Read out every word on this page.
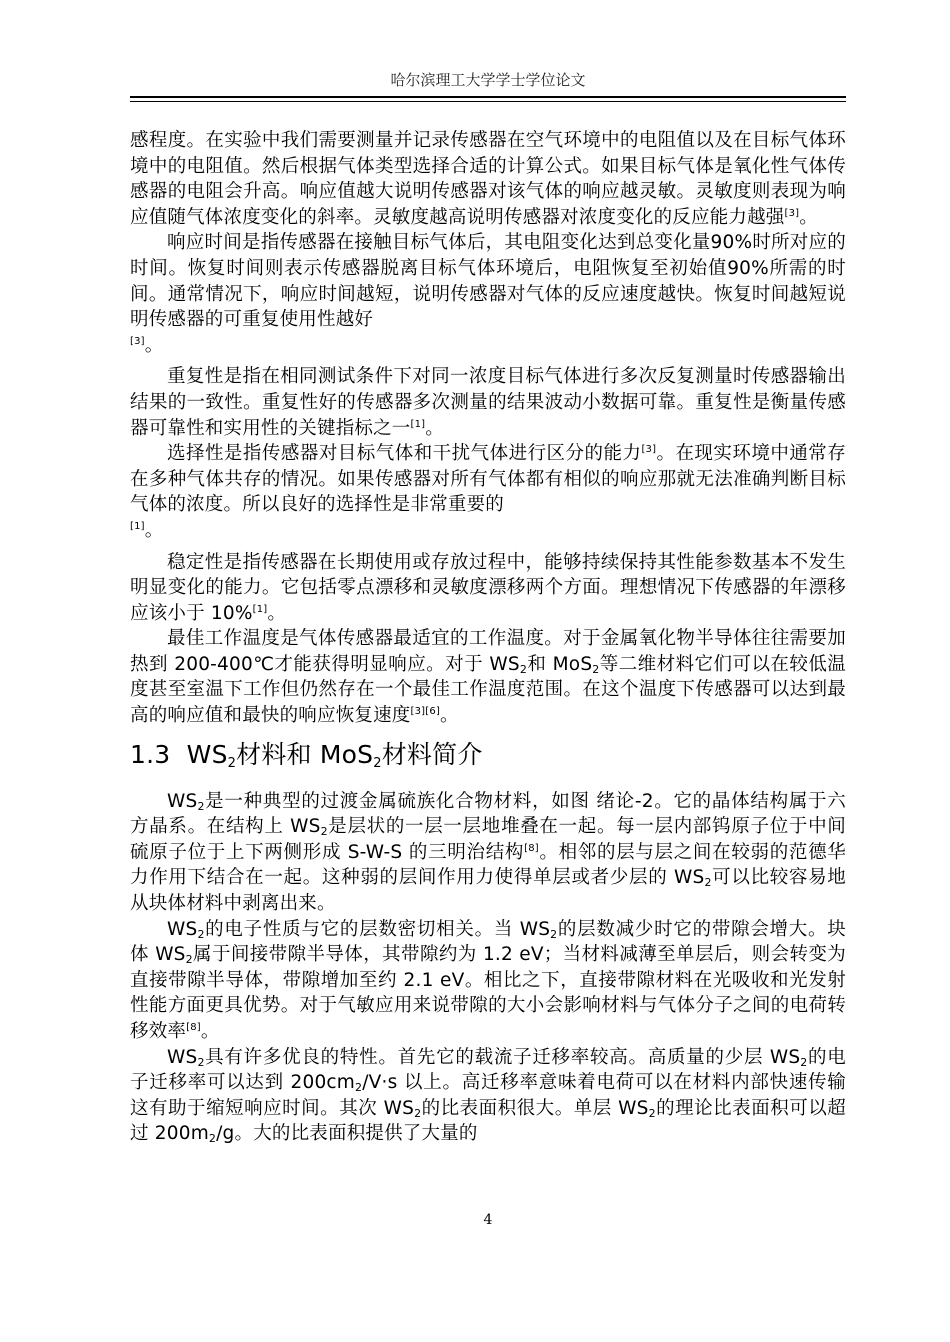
哈尔滨理工大学学士学位论文

感程度。在实验中我们需要测量并记录传感器在空气环境中的电阻值以及在目标气体环境中的电阻值。然后根据气体类型选择合适的计算公式。如果目标气体是氧化性气体传感器的电阻会升高。响应值越大说明传感器对该气体的响应越灵敏。灵敏度则表现为响应值随气体浓度变化的斜率。灵敏度越高说明传感器对浓度变化的反应能力越强[3]。

响应时间是指传感器在接触目标气体后，其电阻变化达到总变化量90%时所对应的时间。恢复时间则表示传感器脱离目标气体环境后，电阻恢复至初始值90%所需的时间。通常情况下，响应时间越短，说明传感器对气体的反应速度越快。恢复时间越短说明传感器的可重复使用性越好
[3]。

重复性是指在相同测试条件下对同一浓度目标气体进行多次反复测量时传感器输出结果的一致性。重复性好的传感器多次测量的结果波动小数据可靠。重复性是衡量传感器可靠性和实用性的关键指标之一[1]。

选择性是指传感器对目标气体和干扰气体进行区分的能力[3]。在现实环境中通常存在多种气体共存的情况。如果传感器对所有气体都有相似的响应那就无法准确判断目标气体的浓度。所以良好的选择性是非常重要的
[1]。

稳定性是指传感器在长期使用或存放过程中，能够持续保持其性能参数基本不发生明显变化的能力。它包括零点漂移和灵敏度漂移两个方面。理想情况下传感器的年漂移应该小于 10%[1]。

最佳工作温度是气体传感器最适宜的工作温度。对于金属氧化物半导体往往需要加热到 200-400℃才能获得明显响应。对于 $WS_2$和 MoS$_2$等二维材料它们可以在较低温度甚至室温下工作但仍然存在一个最佳工作温度范围。在这个温度下传感器可以达到最高的响应值和最快的响应恢复速度[3][6]。

1.3 $WS_2$材料和 MoS$_2$材料简介

$WS_2$是一种典型的过渡金属硫族化合物材料，如图 绪论-2。它的晶体结构属于六方晶系。在结构上 $WS_2$是层状的一层一层地堆叠在一起。每一层内部钨原子位于中间硫原子位于上下两侧形成 S-W-S 的三明治结构[8]。相邻的层与层之间在较弱的范德华力作用下结合在一起。这种弱的层间作用力使得单层或者少层的 $WS_2$可以比较容易地从块体材料中剥离出来。

$WS_2$的电子性质与它的层数密切相关。当 $WS_2$的层数减少时它的带隙会增大。块体 $WS_2$属于间接带隙半导体，其带隙约为 1.2 eV；当材料减薄至单层后，则会转变为直接带隙半导体，带隙增加至约 2.1 eV。相比之下，直接带隙材料在光吸收和光发射性能方面更具优势。对于气敏应用来说带隙的大小会影响材料与气体分子之间的电荷转移效率[8]。

$WS_2$具有许多优良的特性。首先它的载流子迁移率较高。高质量的少层 $WS_2$的电子迁移率可以达到 $200cm_2/V\cdot s$ 以上。高迁移率意味着电荷可以在材料内部快速传输这有助于缩短响应时间。其次 $WS_2$的比表面积很大。单层 $WS_2$的理论比表面积可以超过 $200m_2/g$。大的比表面积提供了大量的

4
